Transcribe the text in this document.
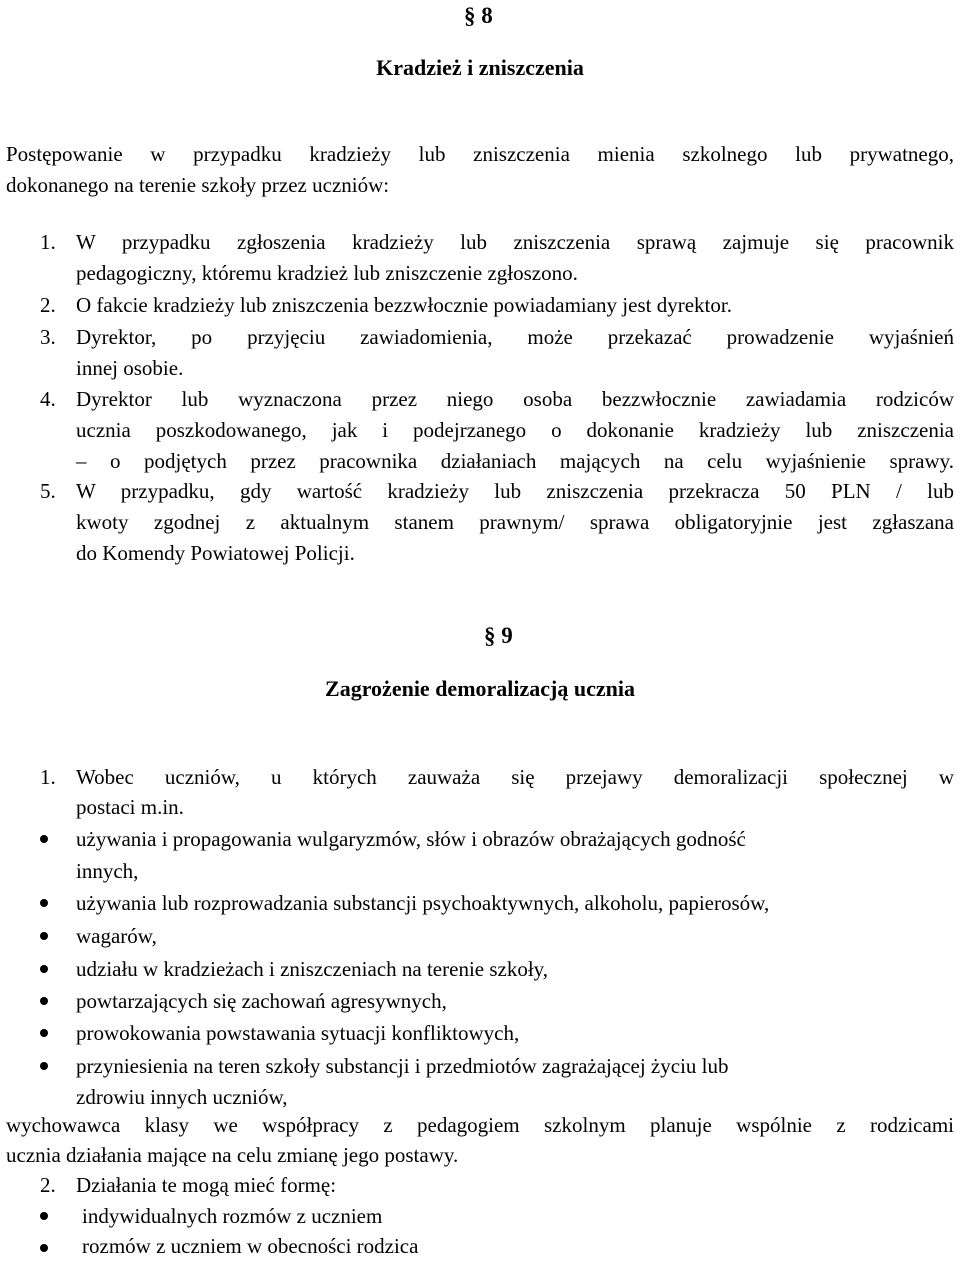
§ 8
Kradzież i zniszczenia
Postępowanie w przypadku kradzieży lub zniszczenia mienia szkolnego lub prywatnego,
dokonanego na terenie szkoły przez uczniów:
1. W przypadku zgłoszenia kradzieży lub zniszczenia sprawą zajmuje się pracownik
pedagogiczny, któremu kradzież lub zniszczenie zgłoszono.
2. O fakcie kradzieży lub zniszczenia bezzwłocznie powiadamiany jest dyrektor.
3. Dyrektor, po przyjęciu zawiadomienia, może przekazać prowadzenie wyjaśnień
innej osobie.
4. Dyrektor lub wyznaczona przez niego osoba bezzwłocznie zawiadamia rodziców
ucznia poszkodowanego, jak i podejrzanego o dokonanie kradzieży lub zniszczenia
– o podjętych przez pracownika działaniach mających na celu wyjaśnienie sprawy.
5. W przypadku, gdy wartość kradzieży lub zniszczenia przekracza 50 PLN / lub
kwoty zgodnej z aktualnym stanem prawnym/ sprawa obligatoryjnie jest zgłaszana
do Komendy Powiatowej Policji.
§ 9
Zagrożenie demoralizacją ucznia
1. Wobec uczniów, u których zauważa się przejawy demoralizacji społecznej w
postaci m.in.
używania i propagowania wulgaryzmów, słów i obrazów obrażających godność
innych,
używania lub rozprowadzania substancji psychoaktywnych, alkoholu, papierosów,
wagarów,
udziału w kradzieżach i zniszczeniach na terenie szkoły,
powtarzających się zachowań agresywnych,
prowokowania powstawania sytuacji konfliktowych,
przyniesienia na teren szkoły substancji i przedmiotów zagrażającej życiu lub
zdrowiu innych uczniów,
wychowawca klasy we współpracy z pedagogiem szkolnym planuje wspólnie z rodzicami
ucznia działania mające na celu zmianę jego postawy.
2. Działania te mogą mieć formę:
indywidualnych rozmów z uczniem
rozmów z uczniem w obecności rodzica
